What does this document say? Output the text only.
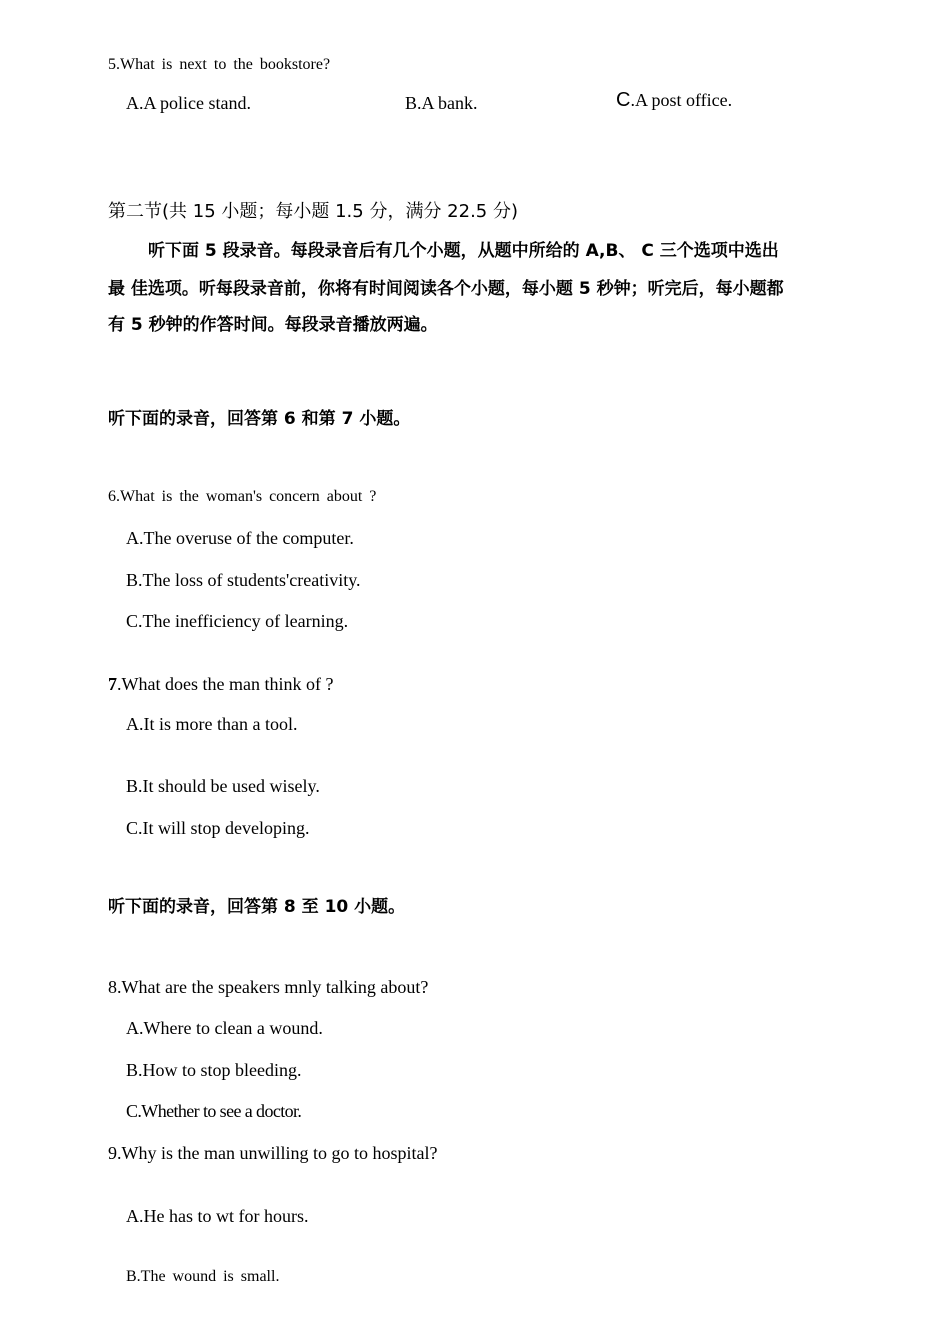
5.What is next to the bookstore?
A.A police stand.	B.A bank.	C.A post office.
第二节(共 15 小题；每小题 1.5 分，满分 22.5 分)
听下面 5 段录音。每段录音后有几个小题，从题中所给的 A,B、 C 三个选项中选出
最 佳选项。听每段录音前，你将有时间阅读各个小题，每小题 5 秒钟；听完后，每小题都
有 5 秒钟的作答时间。每段录音播放两遍。
听下面的录音，回答第 6 和第 7 小题。
6.What is the woman's concern about ?
A.The overuse of the computer.
B.The loss of students'creativity.
C.The inefficiency of learning.
7.What does the man think of ?
A.It is more than a tool.
B.It should be used wisely.
C.It will stop developing.
听下面的录音，回答第 8 至 10 小题。
8.What are the speakers mnly talking about?
A.Where to clean a wound.
B.How to stop bleeding.
C.Whether to see a doctor.
9.Why is the man unwilling to go to hospital?
A.He has to wt for hours.
B.The wound is small.
